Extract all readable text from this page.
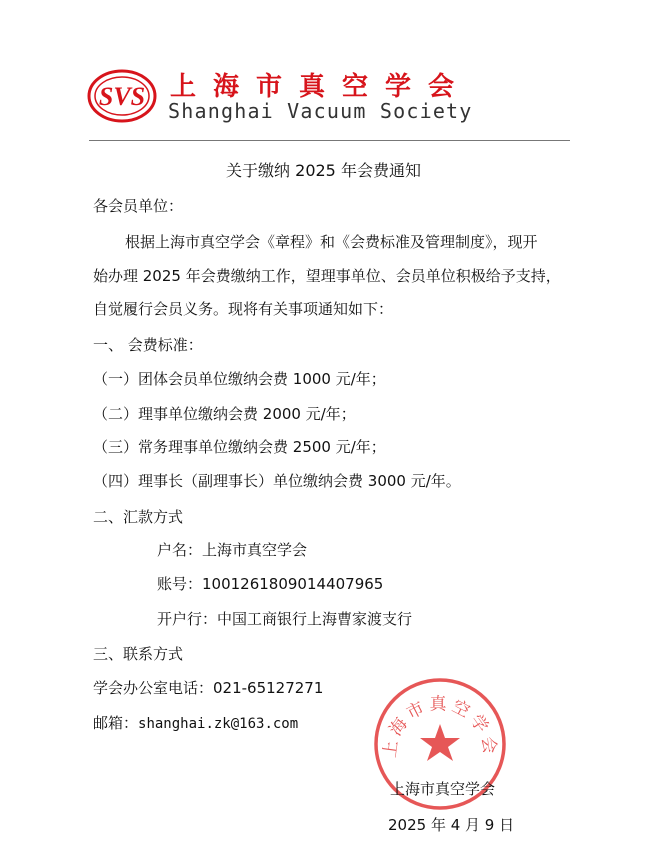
SVS 上海市真空学会
Shanghai Vacuum Society
关于缴纳 2025 年会费通知
各会员单位：
根据上海市真空学会《章程》和《会费标准及管理制度》，现开
始办理 2025 年会费缴纳工作，望理事单位、会员单位积极给予支持，
自觉履行会员义务。现将有关事项通知如下：
一、 会费标准：
（一）团体会员单位缴纳会费 1000 元/年；
（二）理事单位缴纳会费 2000 元/年；
（三）常务理事单位缴纳会费 2500 元/年；
（四）理事长（副理事长）单位缴纳会费 3000 元/年。
二、汇款方式
户名：上海市真空学会
账号：1001261809014407965
开户行：中国工商银行上海曹家渡支行
三、联系方式
学会办公室电话：021-65127271
邮箱：shanghai.zk@163.com
上海市真空学会
上海市真空学会
2025 年 4 月 9 日
